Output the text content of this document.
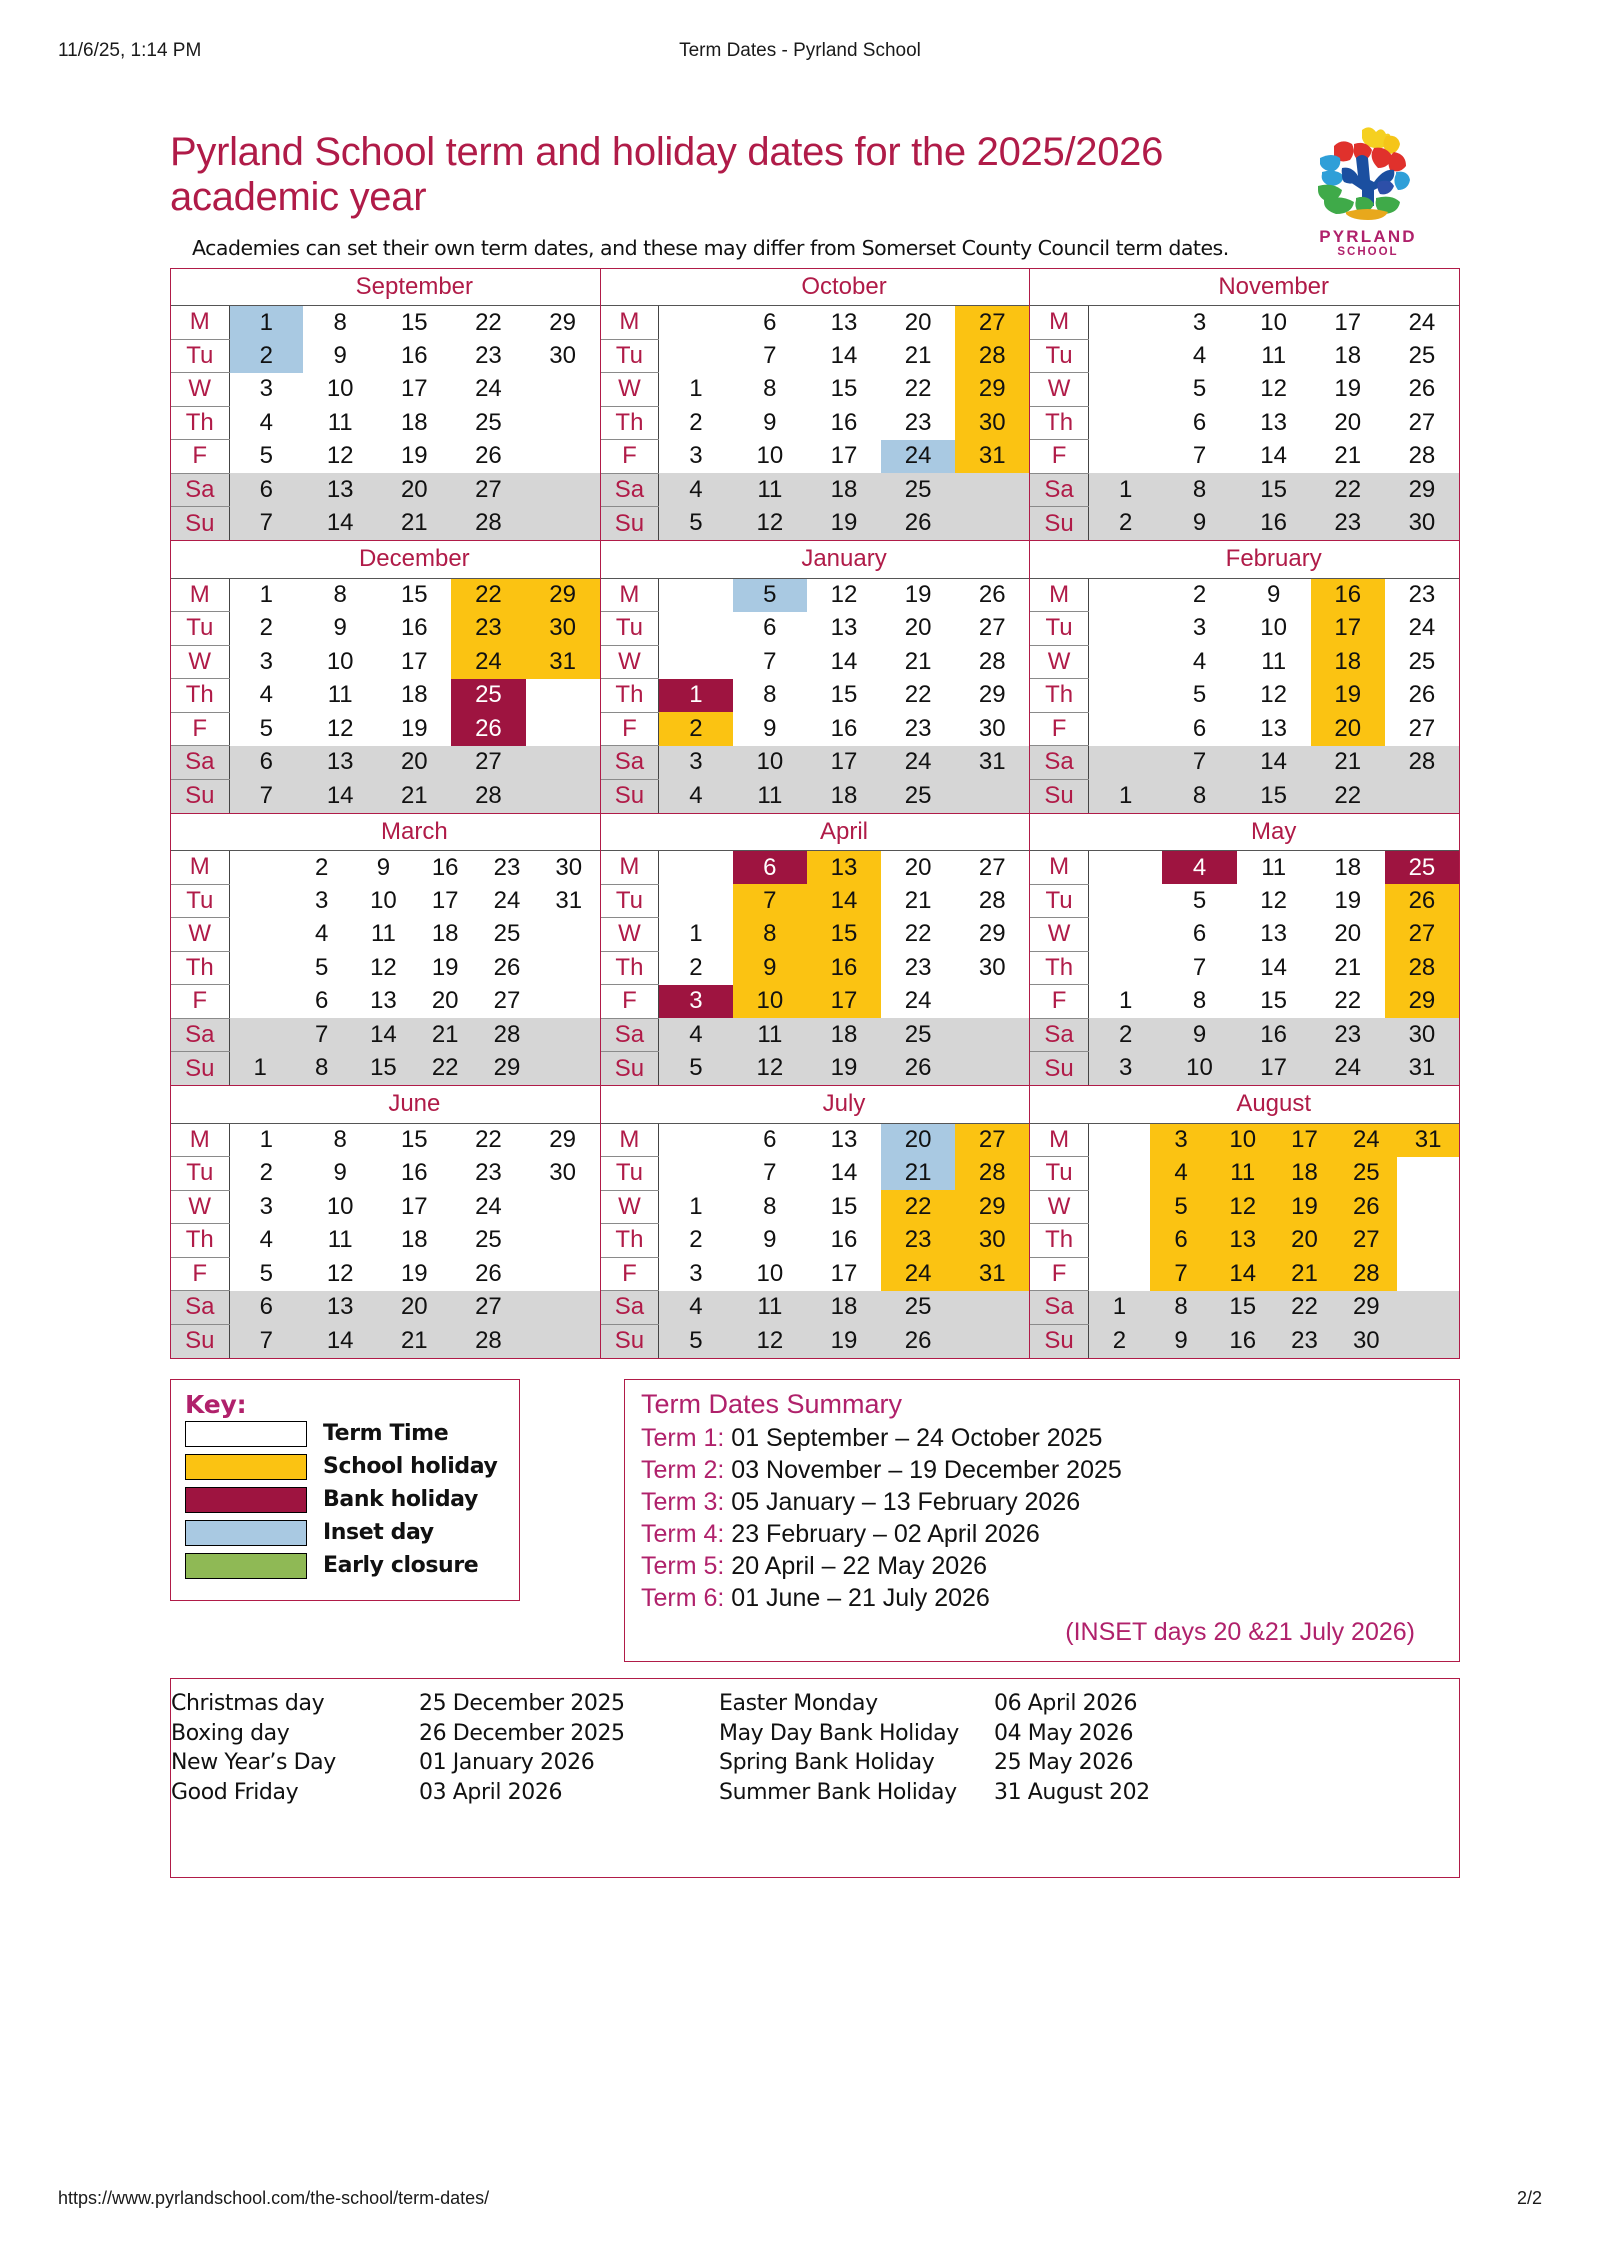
11/6/25, 1:14 PM	Term Dates - Pyrland School
Pyrland School term and holiday dates for the 2025/2026 academic year
Academies can set their own term dates, and these may differ from Somerset County Council term dates.	PYRLAND
SCHOOL
	September				
M	1	8	15	22	29
Tu	2	9	16	23	30
W	3	10	17	24	
Th	4	11	18	25	
F	5	12	19	26	
Sa	6	13	20	27	
Su	7	14	21	28	
	October				
M		6	13	20	27
Tu		7	14	21	28
W	1	8	15	22	29
Th	2	9	16	23	30
F	3	10	17	24	31
Sa	4	11	18	25	
Su	5	12	19	26	
	November				
M		3	10	17	24
Tu		4	11	18	25
W		5	12	19	26
Th		6	13	20	27
F		7	14	21	28
Sa	1	8	15	22	29
Su	2	9	16	23	30
	December				
M	1	8	15	22	29
Tu	2	9	16	23	30
W	3	10	17	24	31
Th	4	11	18	25	
F	5	12	19	26	
Sa	6	13	20	27	
Su	7	14	21	28	
	January				
M		5	12	19	26
Tu		6	13	20	27
W		7	14	21	28
Th	1	8	15	22	29
F	2	9	16	23	30
Sa	3	10	17	24	31
Su	4	11	18	25	
	February				
M		2	9	16	23
Tu		3	10	17	24
W		4	11	18	25
Th		5	12	19	26
F		6	13	20	27
Sa		7	14	21	28
Su	1	8	15	22	
	March					
M		2	9	16	23	30
Tu		3	10	17	24	31
W		4	11	18	25	
Th		5	12	19	26	
F		6	13	20	27	
Sa		7	14	21	28	
Su	1	8	15	22	29	
	April				
M		6	13	20	27
Tu		7	14	21	28
W	1	8	15	22	29
Th	2	9	16	23	30
F	3	10	17	24	
Sa	4	11	18	25	
Su	5	12	19	26	
	May				
M		4	11	18	25
Tu		5	12	19	26
W		6	13	20	27
Th		7	14	21	28
F	1	8	15	22	29
Sa	2	9	16	23	30
Su	3	10	17	24	31
	June				
M	1	8	15	22	29
Tu	2	9	16	23	30
W	3	10	17	24	
Th	4	11	18	25	
F	5	12	19	26	
Sa	6	13	20	27	
Su	7	14	21	28	
	July				
M		6	13	20	27
Tu		7	14	21	28
W	1	8	15	22	29
Th	2	9	16	23	30
F	3	10	17	24	31
Sa	4	11	18	25	
Su	5	12	19	26	
	August					
M		3	10	17	24	31
Tu		4	11	18	25	
W		5	12	19	26	
Th		6	13	20	27	
F		7	14	21	28	
Sa	1	8	15	22	29	
Su	2	9	16	23	30	
Key:
Term Time
School holiday
Bank holiday
Inset day
Early closure
Term Dates Summary
Term 1: 01 September – 24 October 2025
Term 2: 03 November – 19 December 2025
Term 3: 05 January – 13 February 2026
Term 4: 23 February – 02 April 2026
Term 5: 20 April – 22 May 2026
Term 6: 01 June – 21 July 2026
(INSET days 20 &21 July 2026)
Christmas day	25 December 2025	Easter Monday	06 April 2026
Boxing day	26 December 2025	May Day Bank Holiday	04 May 2026
New Year’s Day	01 January 2026	Spring Bank Holiday	25 May 2026
Good Friday	03 April 2026	Summer Bank Holiday	31 August 202
https://www.pyrlandschool.com/the-school/term-dates/	2/2
